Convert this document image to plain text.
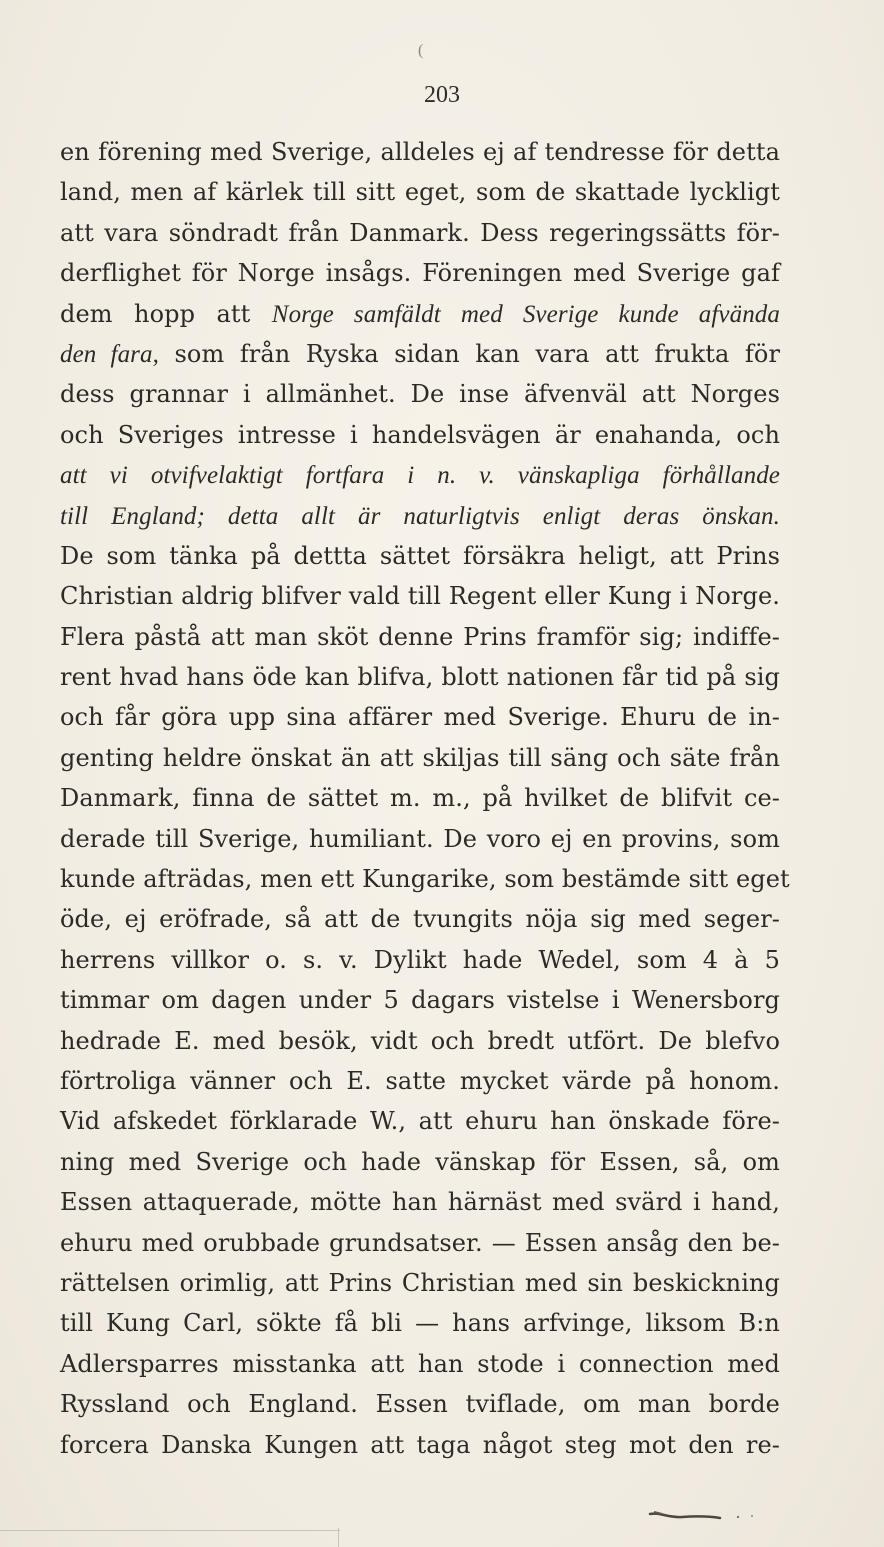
(
203
en förening med Sverige, alldeles ej af tendresse för detta
land, men af kärlek till sitt eget, som de skattade lyckligt
att vara söndradt från Danmark. Dess regeringssätts för-
derflighet för Norge insågs. Föreningen med Sverige gaf
dem hopp att Norge samfäldt med Sverige kunde afvända
den fara, som från Ryska sidan kan vara att frukta för
dess grannar i allmänhet. De inse äfvenväl att Norges
och Sveriges intresse i handelsvägen är enahanda, och
att vi otvifvelaktigt fortfara i n. v. vänskapliga förhållande
till England; detta allt är naturligtvis enligt deras önskan.
De som tänka på dettta sättet försäkra heligt, att Prins
Christian aldrig blifver vald till Regent eller Kung i Norge.
Flera påstå att man sköt denne Prins framför sig; indiffe-
rent hvad hans öde kan blifva, blott nationen får tid på sig
och får göra upp sina affärer med Sverige. Ehuru de in-
genting heldre önskat än att skiljas till säng och säte från
Danmark, finna de sättet m. m., på hvilket de blifvit ce-
derade till Sverige, humiliant. De voro ej en provins, som
kunde afträdas, men ett Kungarike, som bestämde sitt eget
öde, ej eröfrade, så att de tvungits nöja sig med seger-
herrens villkor o. s. v. Dylikt hade Wedel, som 4 à 5
timmar om dagen under 5 dagars vistelse i Wenersborg
hedrade E. med besök, vidt och bredt utfört. De blefvo
förtroliga vänner och E. satte mycket värde på honom.
Vid afskedet förklarade W., att ehuru han önskade före-
ning med Sverige och hade vänskap för Essen, så, om
Essen attaquerade, mötte han härnäst med svärd i hand,
ehuru med orubbade grundsatser. — Essen ansåg den be-
rättelsen orimlig, att Prins Christian med sin beskickning
till Kung Carl, sökte få bli — hans arfvinge, liksom B:n
Adlersparres misstanka att han stode i connection med
Ryssland och England. Essen tviflade, om man borde
forcera Danska Kungen att taga något steg mot den re-
